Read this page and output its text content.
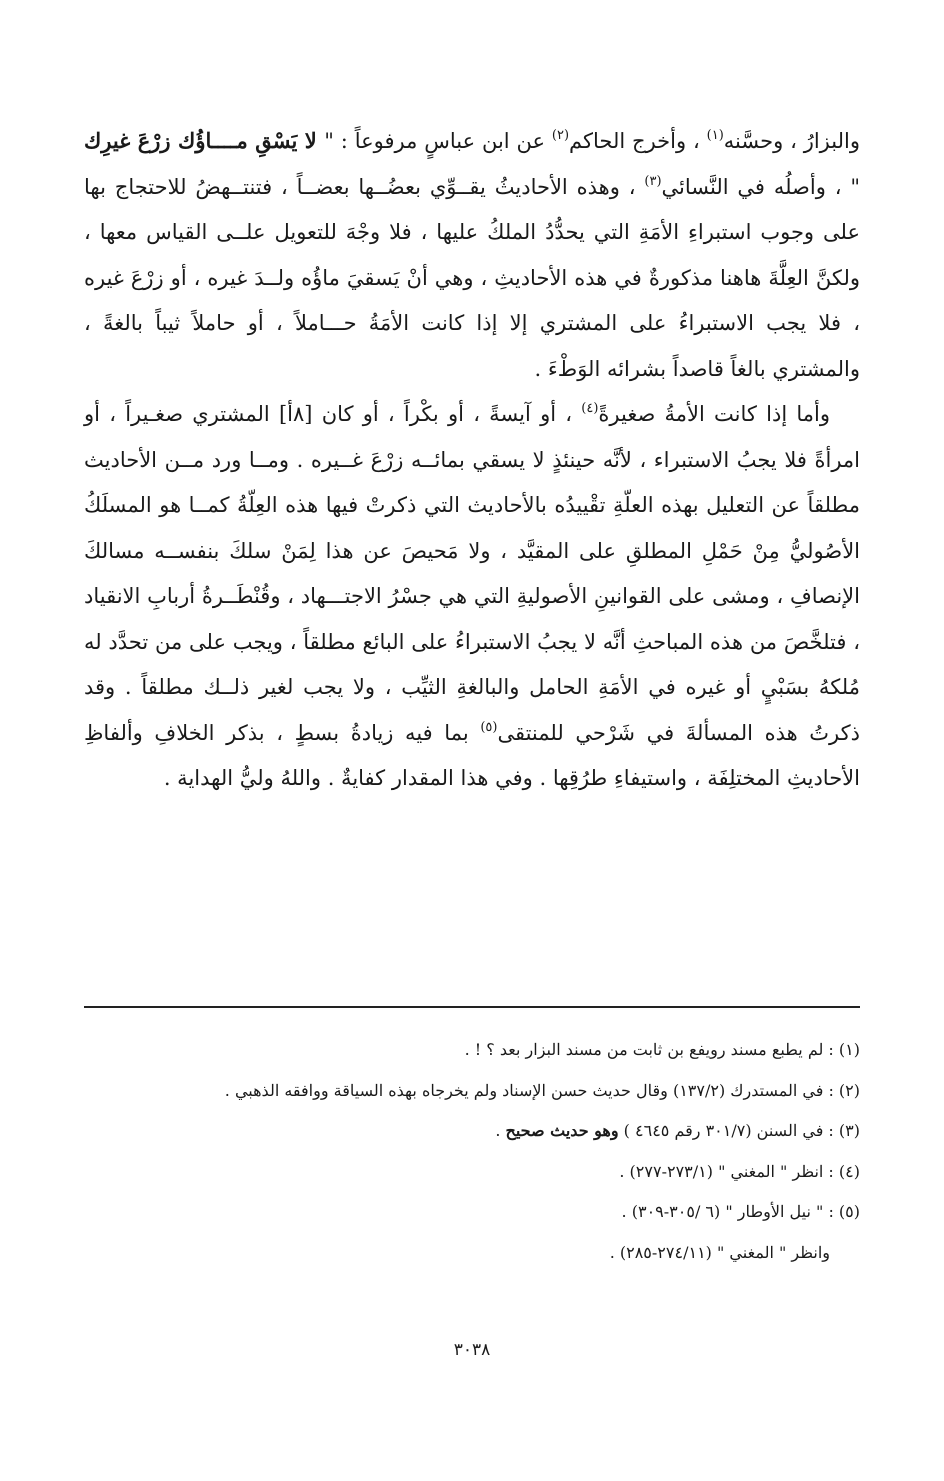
والبزارُ ، وحسَّنه$^{(١)}$ ، وأخرج الحاكم$^{(٢)}$ عن ابن عباسٍ مرفوعاً : " لا يَسْقِ مــــاؤُك زرْعَ غيرِك " ، وأصلُه في النَّسائي$^{(٣)}$ ، وهذه الأحاديثُ يقــوِّي بعضُــها بعضــاً ، فتنتــهضُ للاحتجاج بها على وجوب استبراءِ الأمَةِ التي يحدُّدُ الملكُ عليها ، فلا وجْهَ للتعويل علــى القياس معها ، ولكنَّ العِلَّةَ هاهنا مذكورةٌ في هذه الأحاديثِ ، وهي أنْ يَسقيَ ماؤُه ولــدَ غيره ، أو زرْعَ غيره ، فلا يجب الاستبراءُ على المشتري إلا إذا كانت الأمَةُ حـــاملاً ، أو حاملاً ثيباً بالغةً ، والمشتري بالغاً قاصداً بشرائه الوَطْءَ .

وأما إذا كانت الأمةُ صغيرةً$^{(٤)}$ ، أو آيسةً ، أو بكْراً ، أو كان [٨أ] المشتري صغـيراً ، أو امرأةً فلا يجبُ الاستبراء ، لأنَّه حينئذٍ لا يسقي بمائــه زرْعَ غــيره . ومــا ورد مــن الأحاديث مطلقاً عن التعليل بهذه العلّةِ تقْييدُه بالأحاديث التي ذكرتْ فيها هذه العِلّةُ كمــا هو المسلَكُ الأصُوليُّ مِنْ حَمْلِ المطلقِ على المقيَّد ، ولا مَحيصَ عن هذا لِمَنْ سلكَ بنفســه مسالكَ الإنصافِ ، ومشى على القوانينِ الأصوليةِ التي هي جسْرُ الاجتـــهاد ، وقُنْطَــرةُ أربابِ الانقياد ، فتلخَّصَ من هذه المباحثِ أنَّه لا يجبُ الاستبراءُ على البائع مطلقاً ، ويجب على من تحدَّد له مُلكهُ بسَبْيٍ أو غيره في الأمَةِ الحامل والبالغةِ الثيِّب ، ولا يجب لغير ذلــك مطلقاً . وقد ذكرتُ هذه المسألةَ في شَرْحي للمنتقى$^{(٥)}$ بما فيه زيادةُ بسطٍ ، بذكر الخلافِ وألفاظِ الأحاديثِ المختلِفَة ، واستيفاءِ طرُقِها . وفي هذا المقدار كفايةٌ . واللهُ وليُّ الهداية .

(١) : لم يطبع مسند رويفع بن ثابت من مسند البزار بعد ؟ ! .
(٢) : في المستدرك (١٣٧/٢) وقال حديث حسن الإسناد ولم يخرجاه بهذه السياقة ووافقه الذهبي .
(٣) : في السنن (٣٠١/٧ رقم ٤٦٤٥ ) وهو حديث صحيح .
(٤) : انظر " المغني " (٢٧٣/١-٢٧٧) .
(٥) : " نيل الأوطار " (٦ /٣٠٥-٣٠٩) .
وانظر " المغني " (٢٧٤/١١-٢٨٥) .
٣٠٣٨
